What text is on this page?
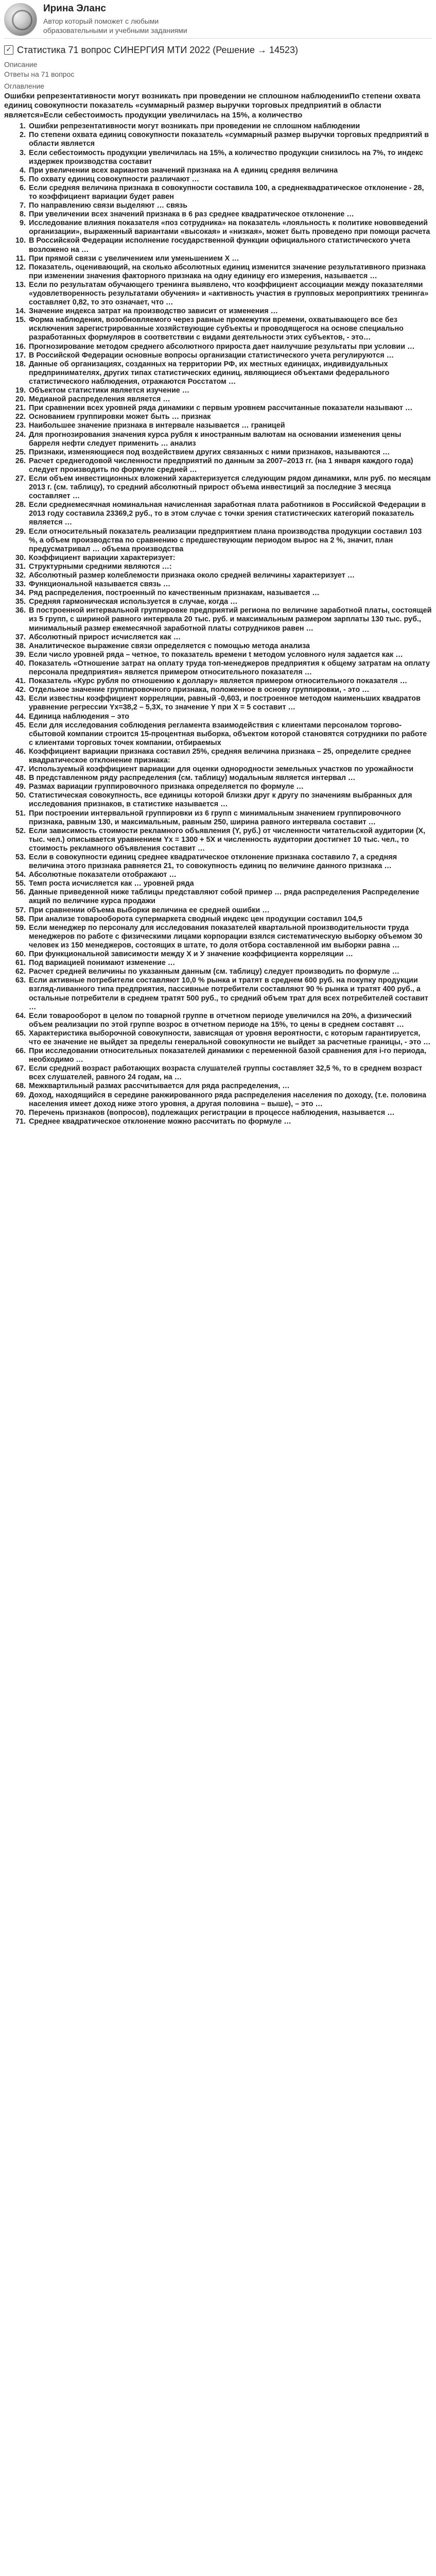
Ирина Эланс
Автор который поможет с любыми образовательными и учебными заданиями
✓ Статистика 71 вопрос СИНЕРГИЯ МТИ 2022 (Решение → 14523)
Описание
Ответы на 71 вопрос
Оглавление
Ошибки репрезентативности могут возникать при проведении не сплошном наблюденииПо степени охвата единиц совокупности показатель «суммарный размер выручки торговых предприятий в области является»Если себестоимость продукции увеличилась на 15%, а количество
1. Ошибки репрезентативности могут возникать при проведении не сплошном наблюдении
2. По степени охвата единиц совокупности показатель «суммарный размер выручки торговых предприятий в области является
3. Если себестоимость продукции увеличилась на 15%, а количество продукции снизилось на 7%, то индекс издержек производства составит
4. При увеличении всех вариантов значений признака на А единиц средняя величина
5. По охвату единиц совокупности различают …
6. Если средняя величина признака в совокупности составила 100, а среднеквадратическое отклонение - 28, то коэффициент вариации будет равен
7. По направлению связи выделяют … связь
8. При увеличении всех значений признака в 6 раз среднее квадратическое отклонение …
9. Исследование влияния показателя «поз сотрудника» на показатель «лояльность к политике нововведений организации», выраженный вариантами «высокая» и «низкая», может быть проведено при помощи расчета
10. В Российской Федерации исполнение государственной функции официального статистического учета возложено на …
11. При прямой связи с увеличением или уменьшением Х …
12. Показатель, оценивающий, на сколько абсолютных единиц изменится значение результативного признака при изменении значения факторного признака на одну единицу его измерения, называется …
13. Если по результатам обучающего тренинга выявлено, что коэффициент ассоциации между показателями «удовлетворенность результатами обучения» и «активность участия в групповых мероприятиях тренинга» составляет 0,82, то это означает, что …
14. Значение индекса затрат на производство зависит от изменения …
15. Форма наблюдения, возобновляемого через равные промежутки времени, охватывающего все без исключения зарегистрированные хозяйствующие субъекты и проводящегося на основе специально разработанных формуляров в соответствии с видами деятельности этих субъектов, - это…
16. Прогнозирование методом среднего абсолютного прироста дает наилучшие результаты при условии …
17. В Российской Федерации основные вопросы организации статистического учета регулируются …
18. Данные об организациях, созданных на территории РФ, их местных единицах, индивидуальных предпринимателях, других типах статистических единиц, являющиеся объектами федерального статистического наблюдения, отражаются Росстатом …
19. Объектом статистики является изучение …
20. Медианой распределения является …
21. При сравнении всех уровней ряда динамики с первым уровнем рассчитанные показатели называют …
22. Основанием группировки может быть … признак
23. Наибольшее значение признака в интервале называется … границей
24. Для прогнозирования значения курса рубля к иностранным валютам на основании изменения цены барреля нефти следует применить … анализ
25. Признаки, изменяющиеся под воздействием других связанных с ними признаков, называются …
26. Расчет среднегодовой численности предприятий по данным за 2007–2013 гг. (на 1 января каждого года) следует производить по формуле средней …
27. Если объем инвестиционных вложений характеризуется следующим рядом динамики, млн руб. по месяцам 2013 г. (см. таблицу), то средний абсолютный прирост объема инвестиций за последние 3 месяца составляет …
28. Если среднемесячная номинальная начисленная заработная плата работников в Российской Федерации в 2013 году составила 23369,2 руб., то в этом случае с точки зрения статистических категорий показатель является …
29. Если относительный показатель реализации предприятием плана производства продукции составил 103 %, а объем производства по сравнению с предшествующим периодом вырос на 2 %, значит, план предусматривал … объема производства
30. Коэффициент вариации характеризует:
31. Структурными средними являются …:
32. Абсолютный размер колеблемости признака около средней величины характеризует …
33. Функциональной называется связь …
34. Ряд распределения, построенный по качественным признакам, называется …
35. Средняя гармоническая используется в случае, когда …
36. В построенной интервальной группировке предприятий региона по величине заработной платы, состоящей из 5 групп, с шириной равного интервала 20 тыс. руб. и максимальным размером зарплаты 130 тыс. руб., минимальный размер ежемесячной заработной платы сотрудников равен …
37. Абсолютный прирост исчисляется как …
38. Аналитическое выражение связи определяется с помощью метода анализа
39. Если число уровней ряда – четное, то показатель времени t методом условного нуля задается как …
40. Показатель «Отношение затрат на оплату труда топ-менеджеров предприятия к общему затратам на оплату персонала предприятия» является примером относительного показателя …
41. Показатель «Курс рубля по отношению к доллару» является примером относительного показателя …
42. Отдельное значение группировочного признака, положенное в основу группировки, - это …
43. Если известны коэффициент корреляции, равный -0,603, и построенное методом наименьших квадратов уравнение регрессии Yх=38,2 – 5,3Х, то значение Y при Х = 5 составит …
44. Единица наблюдения – это
45. Если для исследования соблюдения регламента взаимодействия с клиентами персоналом торгово-сбытовой компании строится 15-процентная выборка, объектом которой становятся сотрудники по работе с клиентами торговых точек компании, отбираемых
46. Коэффициент вариации признака составил 25%, средняя величина признака – 25, определите среднее квадратическое отклонение признака:
47. Используемый коэффициент вариации для оценки однородности земельных участков по урожайности
48. В представленном ряду распределения (см. таблицу) модальным является интервал …
49. Размах вариации группировочного признака определяется по формуле …
50. Статистическая совокупность, все единицы которой близки друг к другу по значениям выбранных для исследования признаков, в статистике называется …
51. При построении интервальной группировки из 6 групп с минимальным значением группировочного признака, равным 130, и максимальным, равным 250, ширина равного интервала составит …
52. Если зависимость стоимости рекламного объявления (Y, руб.) от численности читательской аудитории (Х, тыс. чел.) описывается уравнением Yx = 1300 + 5X и численность аудитории достигнет 10 тыс. чел., то стоимость рекламного объявления составит …
53. Если в совокупности единиц среднее квадратическое отклонение признака составило 7, а средняя величина этого признака равняется 21, то совокупность единиц по величине данного признака …
54. Абсолютные показатели отображают …
55. Темп роста исчисляется как … уровней ряда
56. Данные приведенной ниже таблицы представляют собой пример … ряда распределения Распределение акций по величине курса продажи
57. При сравнении объема выборки величина ее средней ошибки …
58. При анализе товарооборота супермаркета сводный индекс цен продукции составил 104,5
59. Если менеджер по персоналу для исследования показателей квартальной производительности труда менеджеров по работе с физическими лицами корпорации взялся систематическую выборку объемом 30 человек из 150 менеджеров, состоящих в штате, то доля отбора составленной им выборки равна …
60. При функциональной зависимости между Х и У значение коэффициента корреляции …
61. Под вариацией понимают изменение …
62. Расчет средней величины по указанным данным (см. таблицу) следует производить по формуле …
63. Если активные потребители составляют 10,0 % рынка и тратят в среднем 600 руб. на покупку продукции взгляд-ливанного типа предприятия, пассивные потребители составляют 90 % рынка и тратят 400 руб., а остальные потребители в среднем тратят 500 руб., то средний объем трат для всех потребителей составит …
64. Если товарооборот в целом по товарной группе в отчетном периоде увеличился на 20%, а физический объем реализации по этой группе возрос в отчетном периоде на 15%, то цены в среднем составят …
65. Характеристика выборочной совокупности, зависящая от уровня вероятности, с которым гарантируется, что ее значение не выйдет за пределы генеральной совокупности не выйдет за расчетные границы, - это …
66. При исследовании относительных показателей динамики с переменной базой сравнения для i-го периода, необходимо …
67. Если средний возраст работающих возраста слушателей группы составляет 32,5 %, то в среднем возраст всех слушателей, равного 24 годам, на …
68. Межквартильный размах рассчитывается для ряда распределения, …
69. Доход, находящийся в середине ранжированного ряда распределения населения по доходу, (т.е. половина населения имеет доход ниже этого уровня, а другая половина – выше), – это …
70. Перечень признаков (вопросов), подлежащих регистрации в процессе наблюдения, называется …
71. Среднее квадратическое отклонение можно рассчитать по формуле …
